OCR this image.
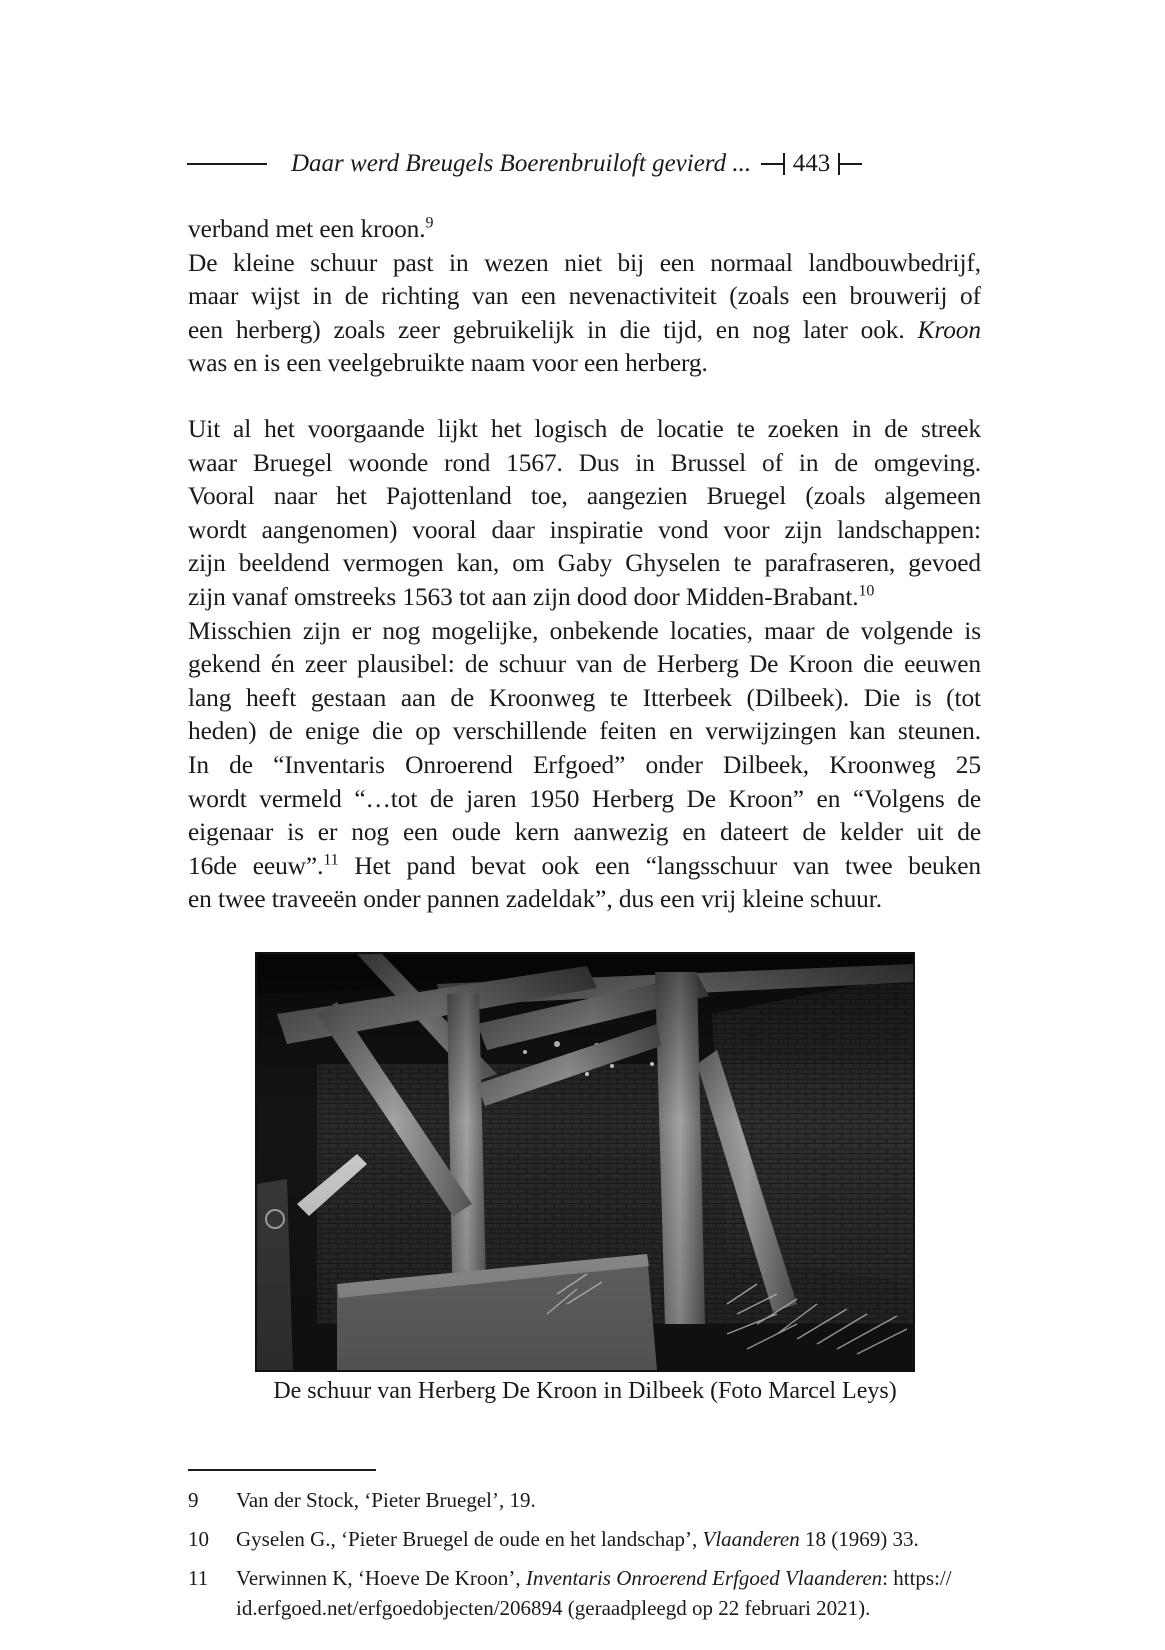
Daar werd Breugels Boerenbruiloft gevierd ... 443

verband met een kroon.$^9$

De kleine schuur past in wezen niet bij een normaal landbouwbedrijf,

maar wijst in de richting van een nevenactiviteit (zoals een brouwerij of

een herberg) zoals zeer gebruikelijk in die tijd, en nog later ook. Kroon

was en is een veelgebruikte naam voor een herberg.

Uit al het voorgaande lijkt het logisch de locatie te zoeken in de streek

waar Bruegel woonde rond 1567. Dus in Brussel of in de omgeving.

Vooral naar het Pajottenland toe, aangezien Bruegel (zoals algemeen

wordt aangenomen) vooral daar inspiratie vond voor zijn landschappen:

zijn beeldend vermogen kan, om Gaby Ghyselen te parafraseren, gevoed

zijn vanaf omstreeks 1563 tot aan zijn dood door Midden-Brabant.$^{10}$

Misschien zijn er nog mogelijke, onbekende locaties, maar de volgende is

gekend én zeer plausibel: de schuur van de Herberg De Kroon die eeuwen

lang heeft gestaan aan de Kroonweg te Itterbeek (Dilbeek). Die is (tot

heden) de enige die op verschillende feiten en verwijzingen kan steunen.

In de “Inventaris Onroerend Erfgoed” onder Dilbeek, Kroonweg 25

wordt vermeld “…tot de jaren 1950 Herberg De Kroon” en “Volgens de

eigenaar is er nog een oude kern aanwezig en dateert de kelder uit de

16de eeuw”.$^{11}$ Het pand bevat ook een “langsschuur van twee beuken

en twee traveeën onder pannen zadeldak”, dus een vrij kleine schuur.

De schuur van Herberg De Kroon in Dilbeek (Foto Marcel Leys)
9	Van der Stock, ‘Pieter Bruegel’, 19.
10	Gyselen G., ‘Pieter Bruegel de oude en het landschap’, Vlaanderen 18 (1969) 33.
11	Verwinnen K, ‘Hoeve De Kroon’, Inventaris Onroerend Erfgoed Vlaanderen: https://
id.erfgoed.net/erfgoedobjecten/206894 (geraadpleegd op 22 februari 2021).
